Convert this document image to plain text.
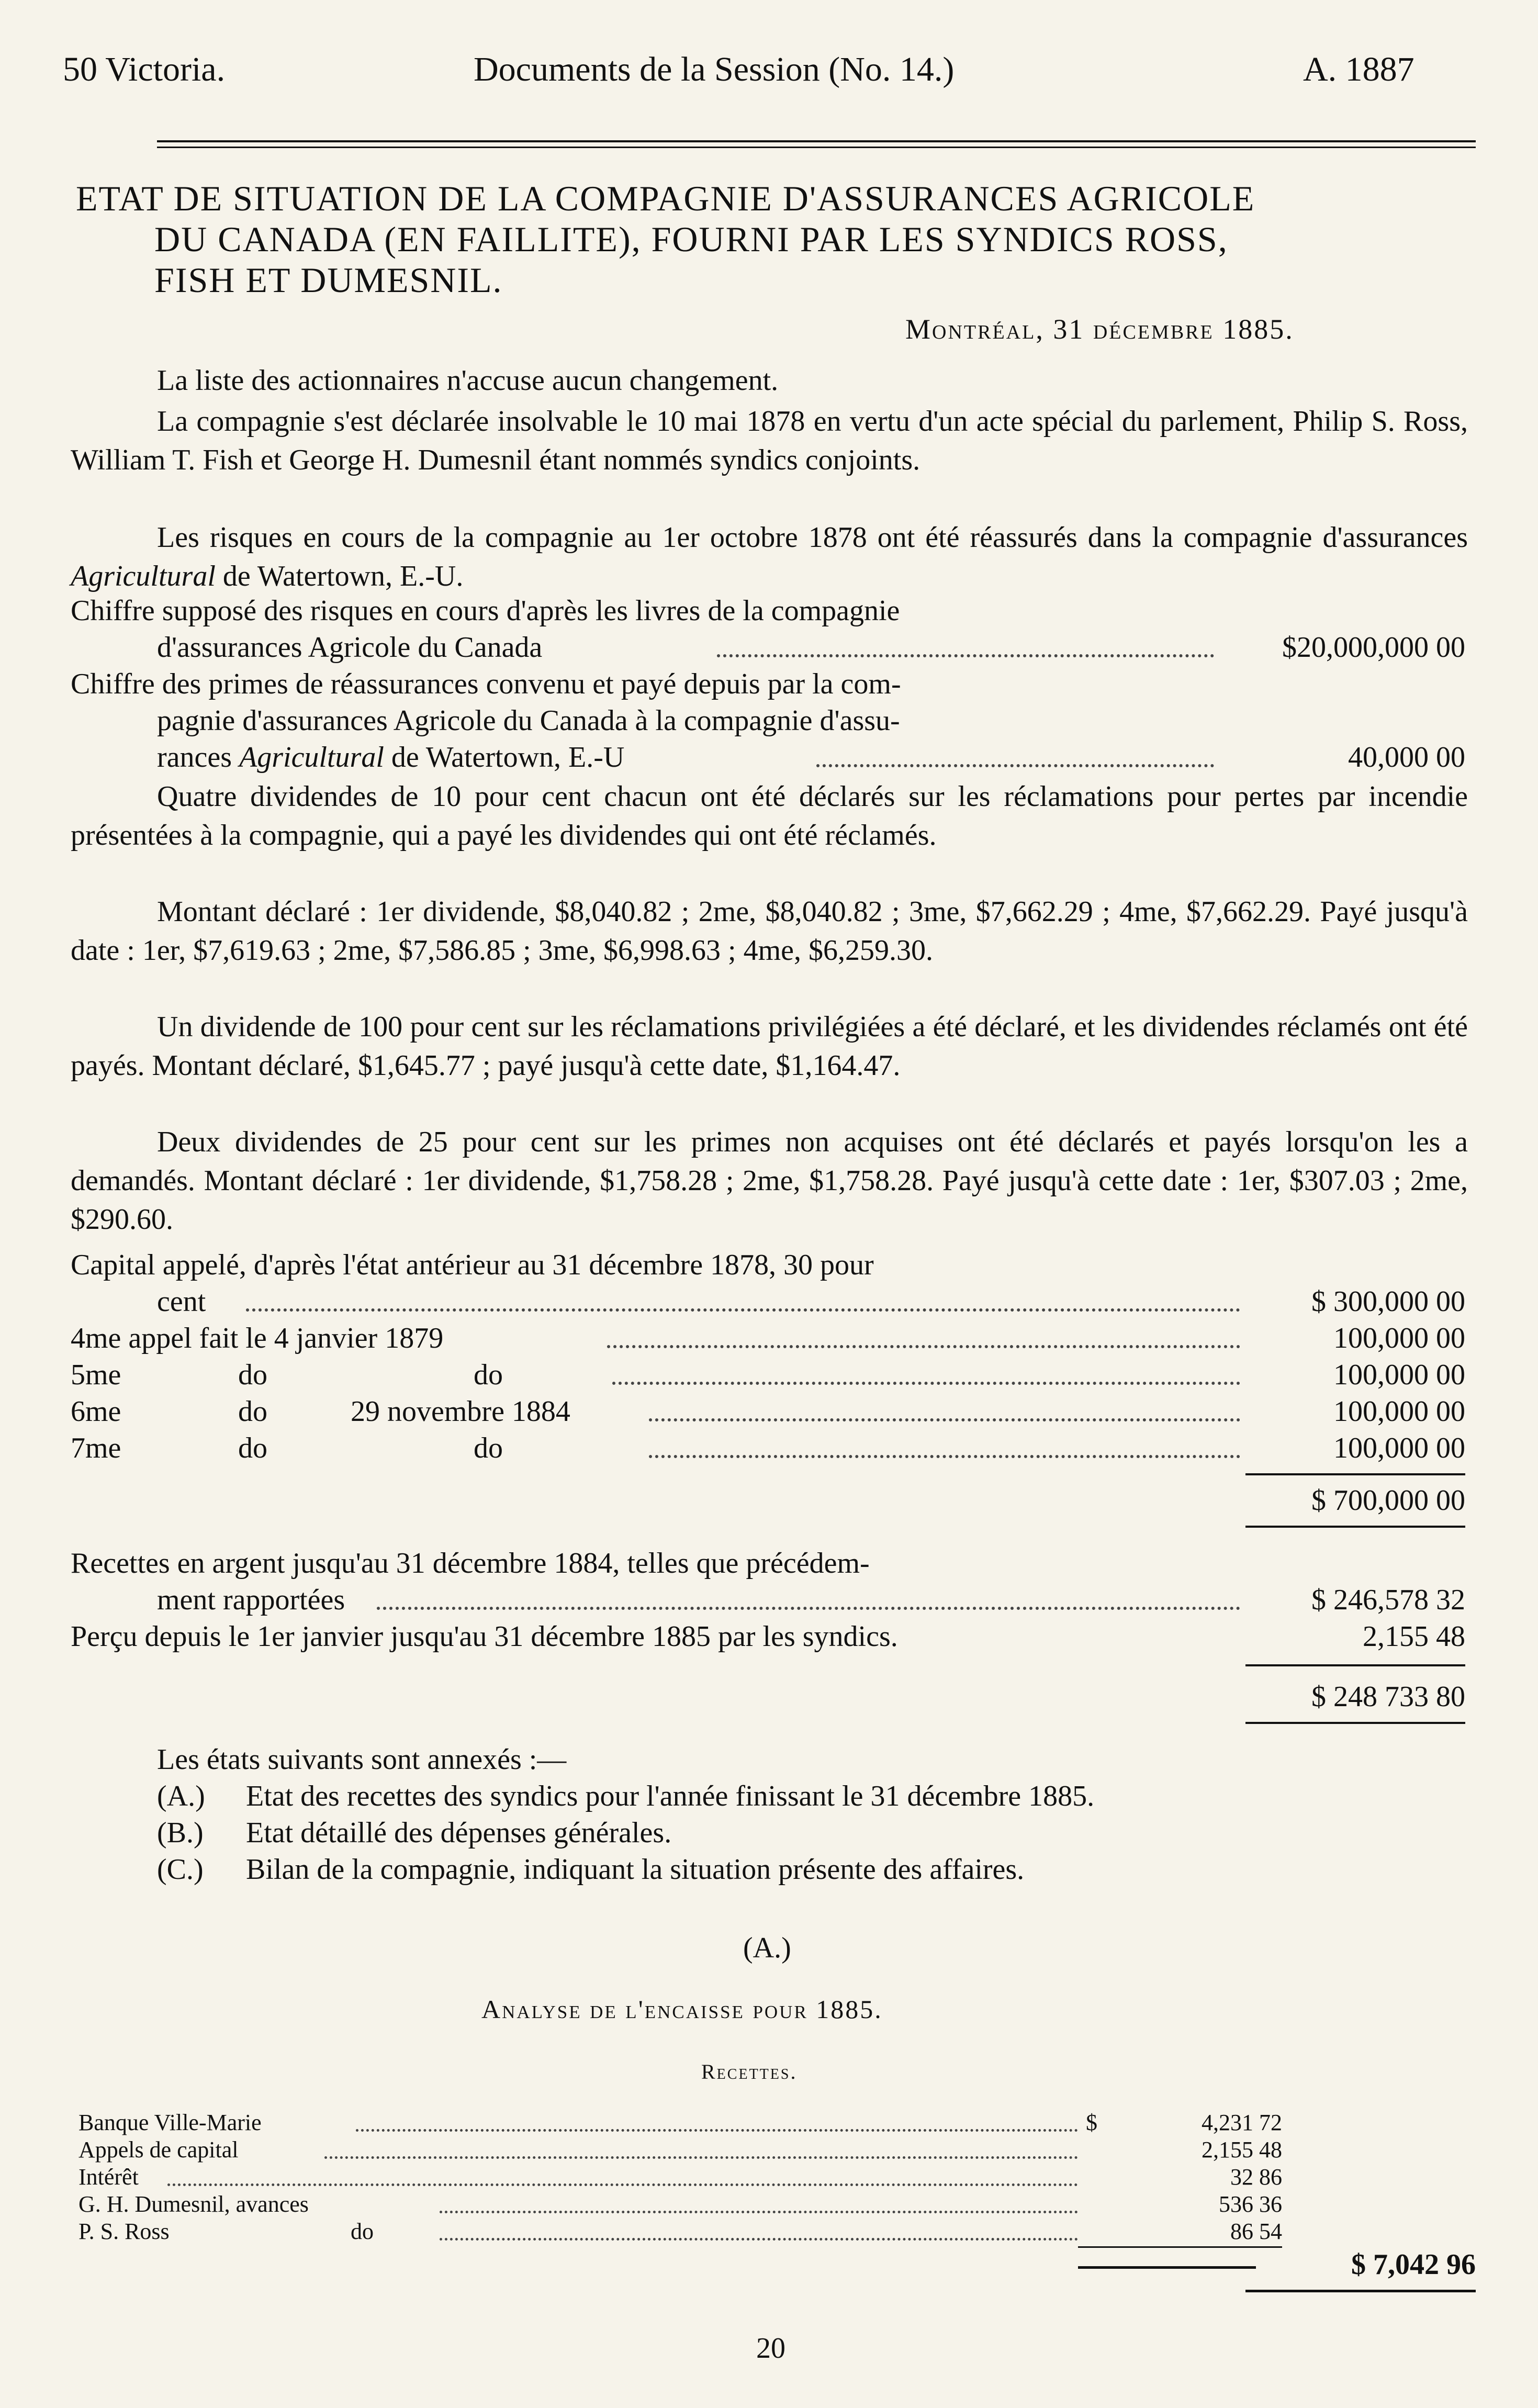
50 Victoria.	Documents de la Session (No. 14.)	A. 1887
ETAT DE SITUATION DE LA COMPAGNIE D'ASSURANCES AGRICOLE
DU CANADA (EN FAILLITE), FOURNI PAR LES SYNDICS ROSS,
FISH ET DUMESNIL.
Montréal, 31 décembre 1885.
La liste des actionnaires n'accuse aucun changement.
La compagnie s'est déclarée insolvable le 10 mai 1878 en vertu d'un acte spécial du parlement, Philip S. Ross, William T. Fish et George H. Dumesnil étant nommés syndics conjoints.
Les risques en cours de la compagnie au 1er octobre 1878 ont été réassurés dans la compagnie d'assurances Agricultural de Watertown, E.-U.
Chiffre supposé des risques en cours d'après les livres de la compagnie
d'assurances Agricole du Canada	$20,000,000 00
Chiffre des primes de réassurances convenu et payé depuis par la com-
pagnie d'assurances Agricole du Canada à la compagnie d'assu-
rances Agricultural de Watertown, E.-U	40,000 00
Quatre dividendes de 10 pour cent chacun ont été déclarés sur les réclamations pour pertes par incendie présentées à la compagnie, qui a payé les dividendes qui ont été réclamés.
Montant déclaré : 1er dividende, $8,040.82 ; 2me, $8,040.82 ; 3me, $7,662.29 ; 4me, $7,662.29. Payé jusqu'à date : 1er, $7,619.63 ; 2me, $7,586.85 ; 3me, $6,998.63 ; 4me, $6,259.30.
Un dividende de 100 pour cent sur les réclamations privilégiées a été déclaré, et les dividendes réclamés ont été payés. Montant déclaré, $1,645.77 ; payé jusqu'à cette date, $1,164.47.
Deux dividendes de 25 pour cent sur les primes non acquises ont été déclarés et payés lorsqu'on les a demandés. Montant déclaré : 1er dividende, $1,758.28 ; 2me, $1,758.28. Payé jusqu'à cette date : 1er, $307.03 ; 2me, $290.60.
Capital appelé, d'après l'état antérieur au 31 décembre 1878, 30 pour
cent	$ 300,000 00
4me appel fait le 4 janvier 1879	100,000 00
5me	do	do	100,000 00
6me	do	29 novembre 1884	100,000 00
7me	do	do	100,000 00
$ 700,000 00
Recettes en argent jusqu'au 31 décembre 1884, telles que précédem-
ment rapportées	$ 246,578 32
Perçu depuis le 1er janvier jusqu'au 31 décembre 1885 par les syndics.	2,155 48
$ 248 733 80
Les états suivants sont annexés :—
(A.) Etat des recettes des syndics pour l'année finissant le 31 décembre 1885.
(B.) Etat détaillé des dépenses générales.
(C.) Bilan de la compagnie, indiquant la situation présente des affaires.
(A.)
Analyse de l'encaisse pour 1885.
Recettes.
Banque Ville-Marie	$	4,231 72
Appels de capital	2,155 48
Intérêt	32 86
G. H. Dumesnil, avances	536 36
P. S. Ross	do	86 54
$ 7,042 96
20
